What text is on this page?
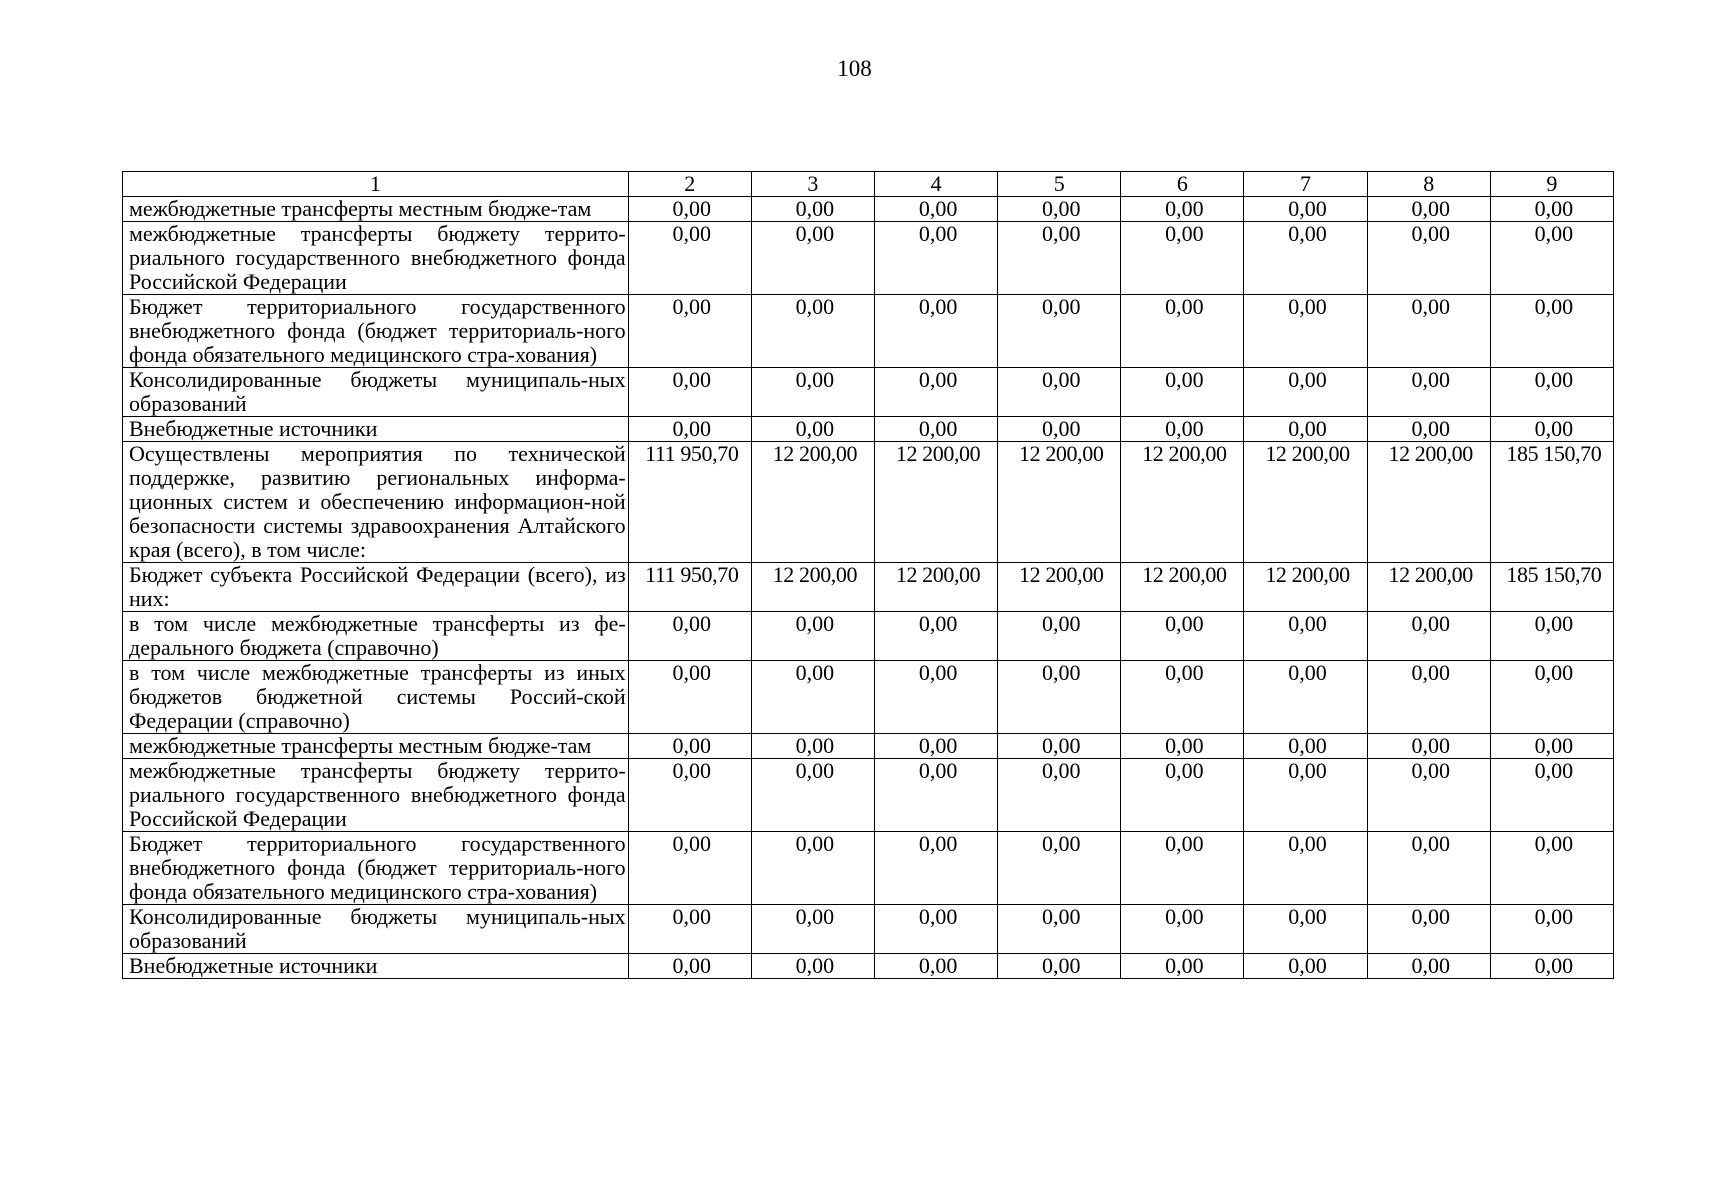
108
1	2	3	4	5	6	7	8	9
межбюджетные трансферты местным бюдже-там	0,00	0,00	0,00	0,00	0,00	0,00	0,00	0,00
межбюджетные трансферты бюджету террито-риального государственного внебюджетного фонда Российской Федерации	0,00	0,00	0,00	0,00	0,00	0,00	0,00	0,00
Бюджет территориального государственного внебюджетного фонда (бюджет территориаль-ного фонда обязательного медицинского стра-хования)	0,00	0,00	0,00	0,00	0,00	0,00	0,00	0,00
Консолидированные бюджеты муниципаль-ных образований	0,00	0,00	0,00	0,00	0,00	0,00	0,00	0,00
Внебюджетные источники	0,00	0,00	0,00	0,00	0,00	0,00	0,00	0,00
Осуществлены мероприятия по технической поддержке, развитию региональных информа-ционных систем и обеспечению информацион-ной безопасности системы здравоохранения Алтайского края (всего), в том числе:	111 950,70	12 200,00	12 200,00	12 200,00	12 200,00	12 200,00	12 200,00	185 150,70
Бюджет субъекта Российской Федерации (всего), из них:	111 950,70	12 200,00	12 200,00	12 200,00	12 200,00	12 200,00	12 200,00	185 150,70
в том числе межбюджетные трансферты из фе-дерального бюджета (справочно)	0,00	0,00	0,00	0,00	0,00	0,00	0,00	0,00
в том числе межбюджетные трансферты из иных бюджетов бюджетной системы Россий-ской Федерации (справочно)	0,00	0,00	0,00	0,00	0,00	0,00	0,00	0,00
межбюджетные трансферты местным бюдже-там	0,00	0,00	0,00	0,00	0,00	0,00	0,00	0,00
межбюджетные трансферты бюджету террито-риального государственного внебюджетного фонда Российской Федерации	0,00	0,00	0,00	0,00	0,00	0,00	0,00	0,00
Бюджет территориального государственного внебюджетного фонда (бюджет территориаль-ного фонда обязательного медицинского стра-хования)	0,00	0,00	0,00	0,00	0,00	0,00	0,00	0,00
Консолидированные бюджеты муниципаль-ных образований	0,00	0,00	0,00	0,00	0,00	0,00	0,00	0,00
Внебюджетные источники	0,00	0,00	0,00	0,00	0,00	0,00	0,00	0,00
